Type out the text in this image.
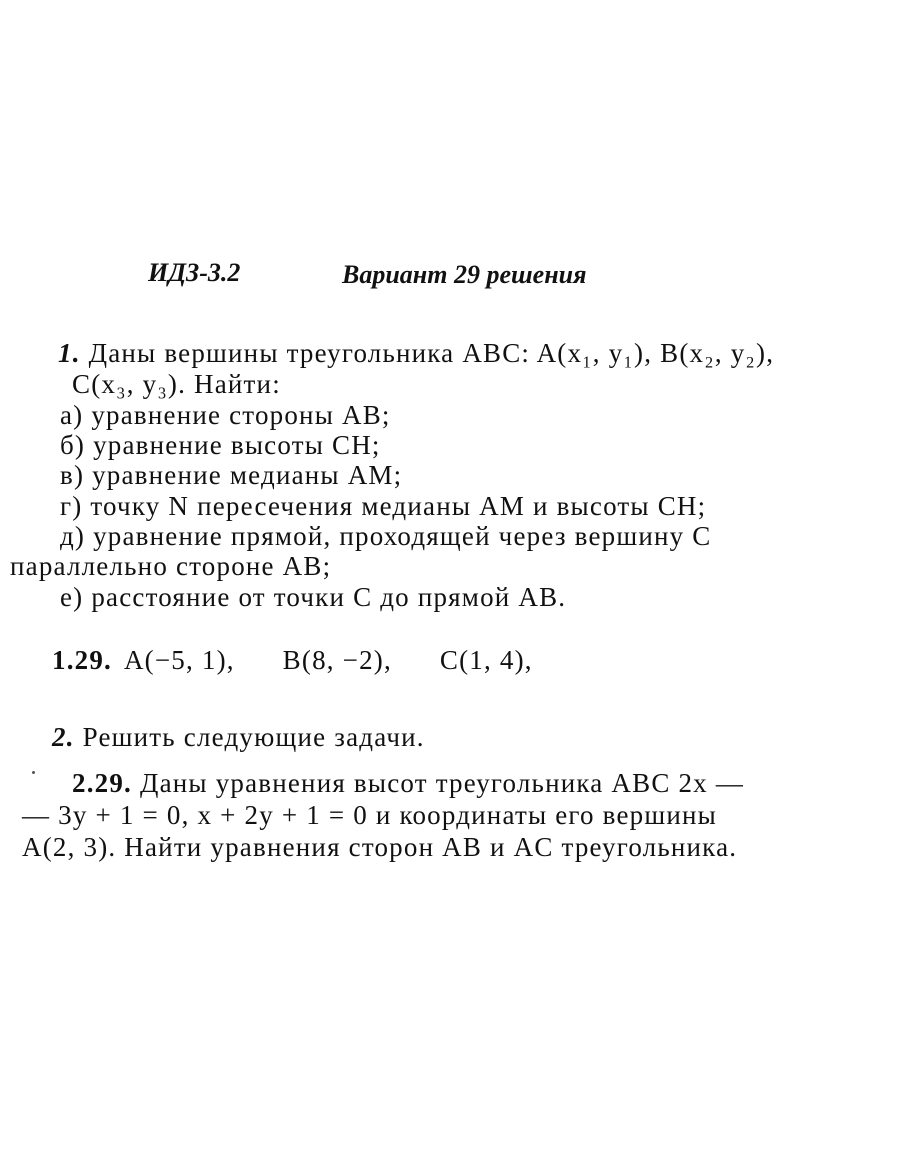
ИДЗ-3.2	Вариант 29 решения
1. Даны вершины треугольника ABC: A(x₁, y₁), B(x₂, y₂),
C(x₃, y₃). Найти:
а) уравнение стороны AB;
б) уравнение высоты CH;
в) уравнение медианы AM;
г) точку N пересечения медианы AM и высоты CH;
д) уравнение прямой, проходящей через вершину C
параллельно стороне AB;
е) расстояние от точки C до прямой AB.
1.29. A(−5, 1), B(8, −2), C(1, 4),
2. Решить следующие задачи.
2.29. Даны уравнения высот треугольника ABC 2x —
— 3y + 1 = 0, x + 2y + 1 = 0 и координаты его вершины
A(2, 3). Найти уравнения сторон AB и AC треугольника.
